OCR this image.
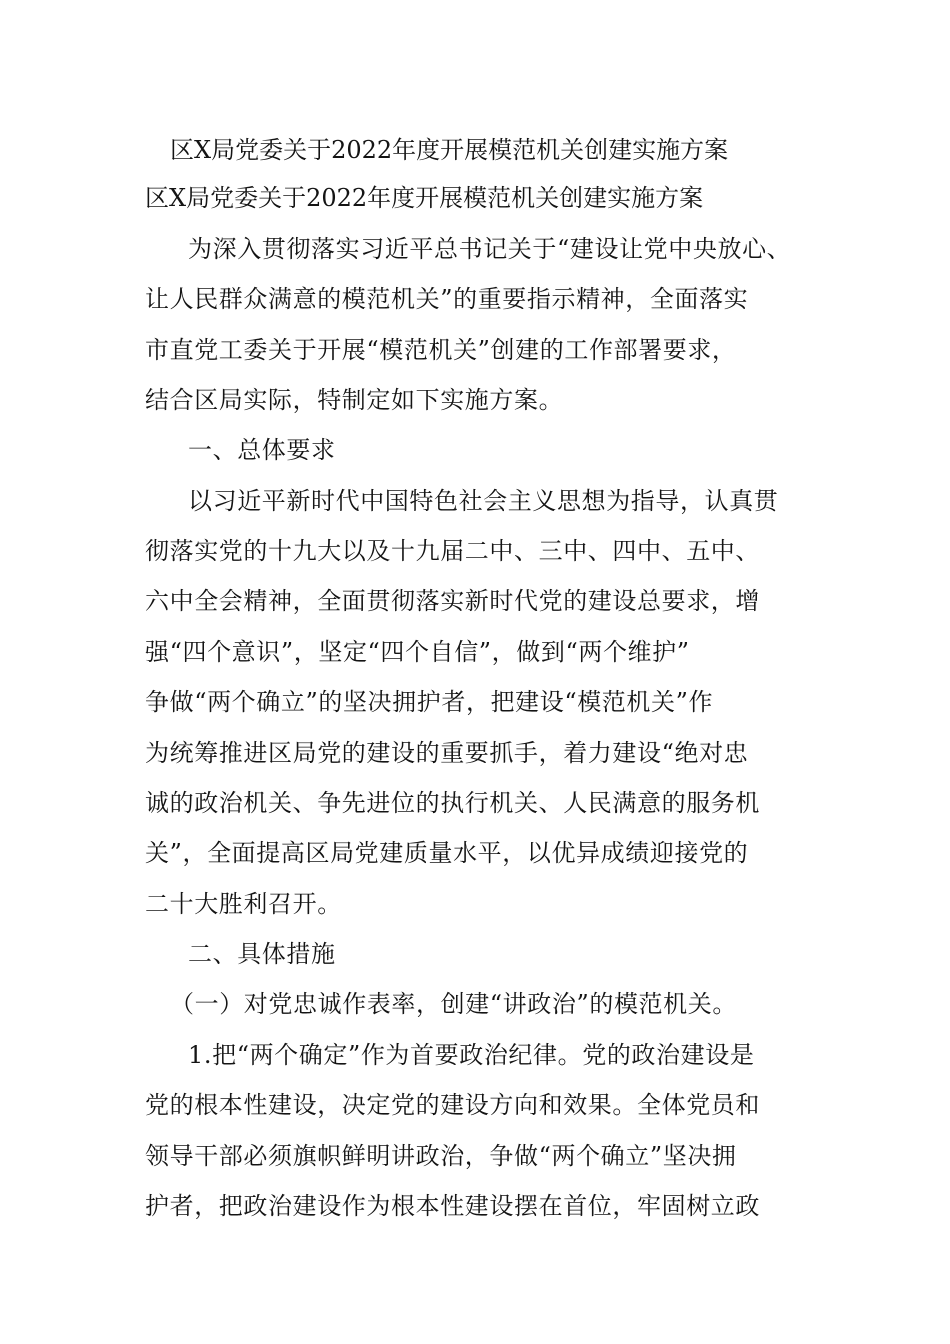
区X局党委关于2022年度开展模范机关创建实施方案
区X局党委关于2022年度开展模范机关创建实施方案
为深入贯彻落实习近平总书记关于“建设让党中央放心、
让人民群众满意的模范机关”的重要指示精神，全面落实
市直党工委关于开展“模范机关”创建的工作部署要求，
结合区局实际，特制定如下实施方案。
一、总体要求
以习近平新时代中国特色社会主义思想为指导，认真贯
彻落实党的十九大以及十九届二中、三中、四中、五中、
六中全会精神，全面贯彻落实新时代党的建设总要求，增
强“四个意识”，坚定“四个自信”，做到“两个维护”
争做“两个确立”的坚决拥护者，把建设“模范机关”作
为统筹推进区局党的建设的重要抓手，着力建设“绝对忠
诚的政治机关、争先进位的执行机关、人民满意的服务机
关”，全面提高区局党建质量水平，以优异成绩迎接党的
二十大胜利召开。
二、具体措施
（一）对党忠诚作表率，创建“讲政治”的模范机关。
1.把“两个确定”作为首要政治纪律。党的政治建设是
党的根本性建设，决定党的建设方向和效果。全体党员和
领导干部必须旗帜鲜明讲政治，争做“两个确立”坚决拥
护者，把政治建设作为根本性建设摆在首位，牢固树立政
